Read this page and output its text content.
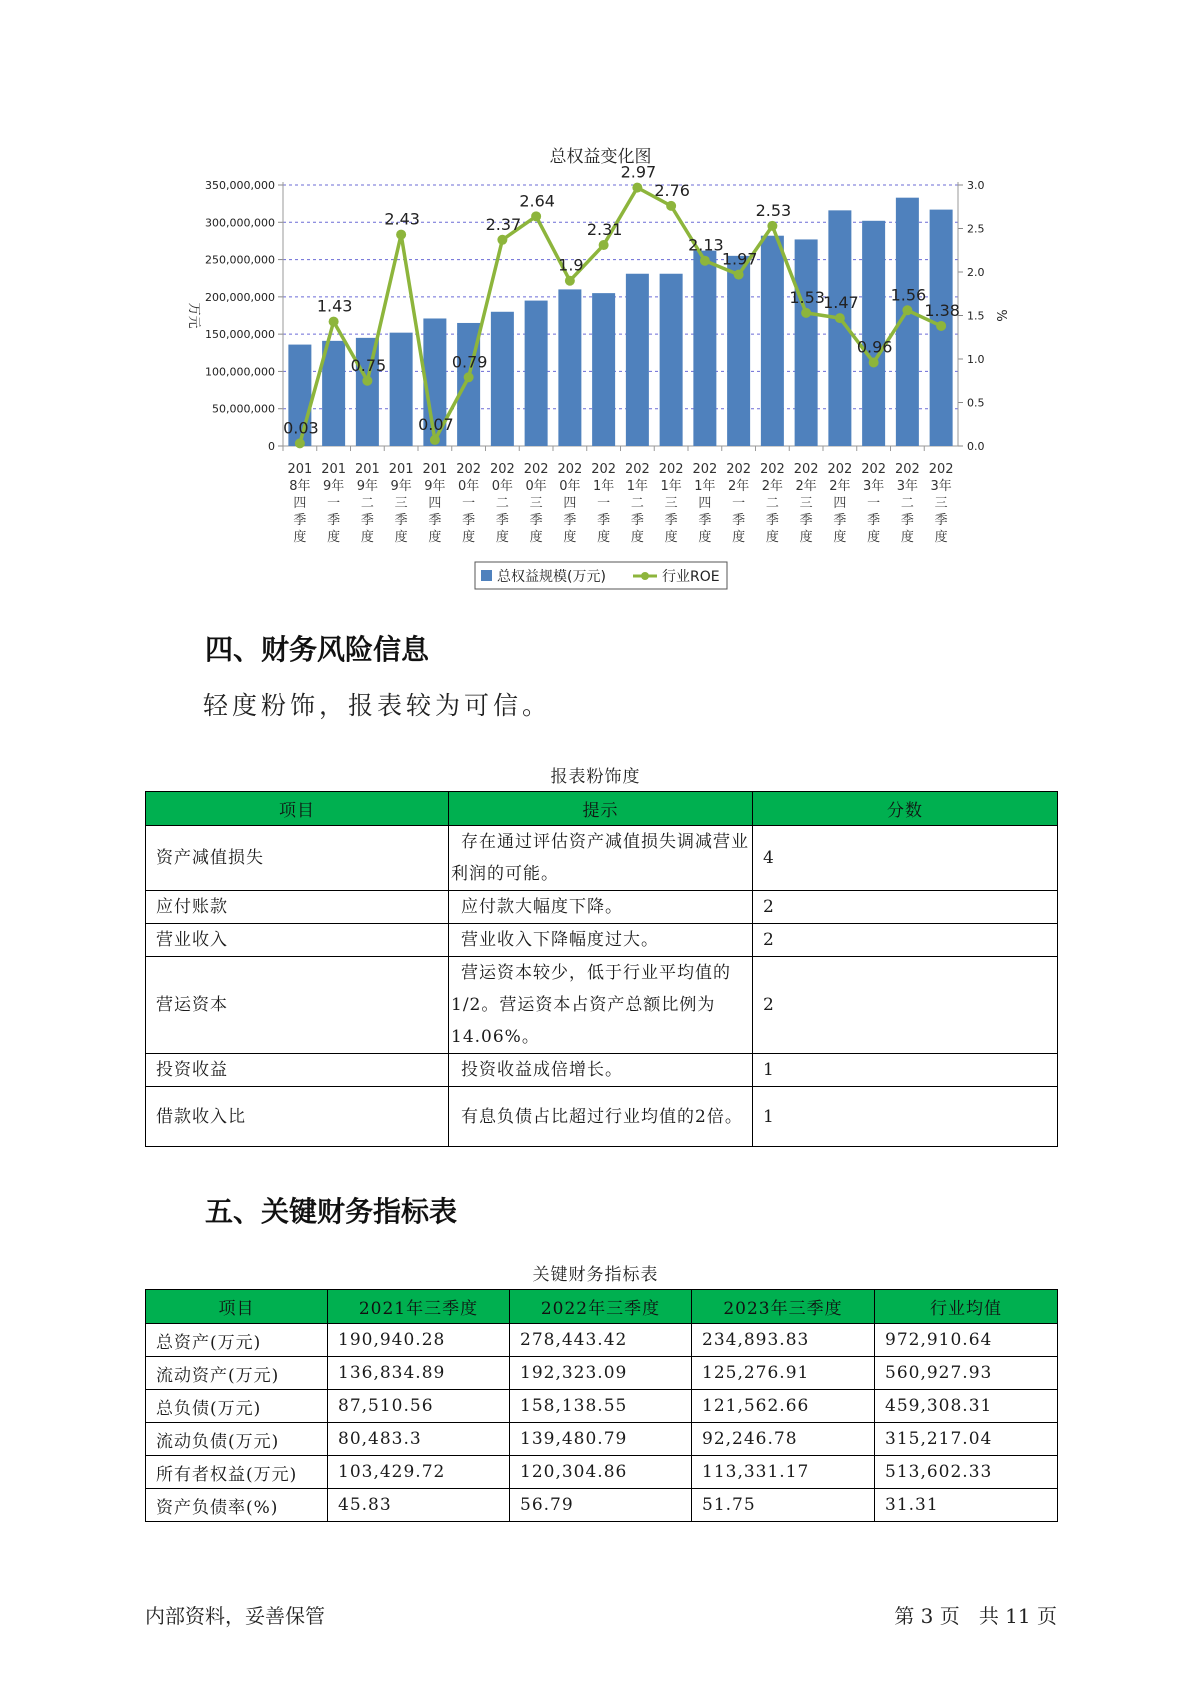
总权益变化图
0
50,000,000
100,000,000
150,000,000
200,000,000
250,000,000
300,000,000
350,000,000
0.0
0.5
1.0
1.5
2.0
2.5
3.0
万元	%
201
8年
四
季
度
201
9年
一
季
度
201
9年
二
季
度
201
9年
三
季
度
201
9年
四
季
度
202
0年
一
季
度
202
0年
二
季
度
202
0年
三
季
度
202
0年
四
季
度
202
1年
一
季
度
202
1年
二
季
度
202
1年
三
季
度
202
1年
四
季
度
202
2年
一
季
度
202
2年
二
季
度
202
2年
三
季
度
202
2年
四
季
度
202
3年
一
季
度
202
3年
二
季
度
202
3年
三
季
度
0.03
1.43
0.75
2.43
0.07
0.79
2.37
2.64
1.9
2.31
2.97
2.76
2.13
1.97
2.53
1.53
1.47
0.96
1.56
1.38
总权益规模(万元)	行业ROE
四、财务风险信息
轻度粉饰，报表较为可信。
报表粉饰度
项目	提示	分数
资产减值损失	存在通过评估资产减值损失调减营业利润的可能。	4
应付账款	应付款大幅度下降。	2
营业收入	营业收入下降幅度过大。	2
营运资本	营运资本较少，低于行业平均值的1/2。营运资本占资产总额比例为14.06%。	2
投资收益	投资收益成倍增长。	1
借款收入比	有息负债占比超过行业均值的2倍。	1
五、关键财务指标表
关键财务指标表
项目	2021年三季度	2022年三季度	2023年三季度	行业均值
总资产(万元)	190,940.28	278,443.42	234,893.83	972,910.64
流动资产(万元)	136,834.89	192,323.09	125,276.91	560,927.93
总负债(万元)	87,510.56	158,138.55	121,562.66	459,308.31
流动负债(万元)	80,483.3	139,480.79	92,246.78	315,217.04
所有者权益(万元)	103,429.72	120,304.86	113,331.17	513,602.33
资产负债率(%)	45.83	56.79	51.75	31.31
内部资料，妥善保管	第 3 页   共 11 页
